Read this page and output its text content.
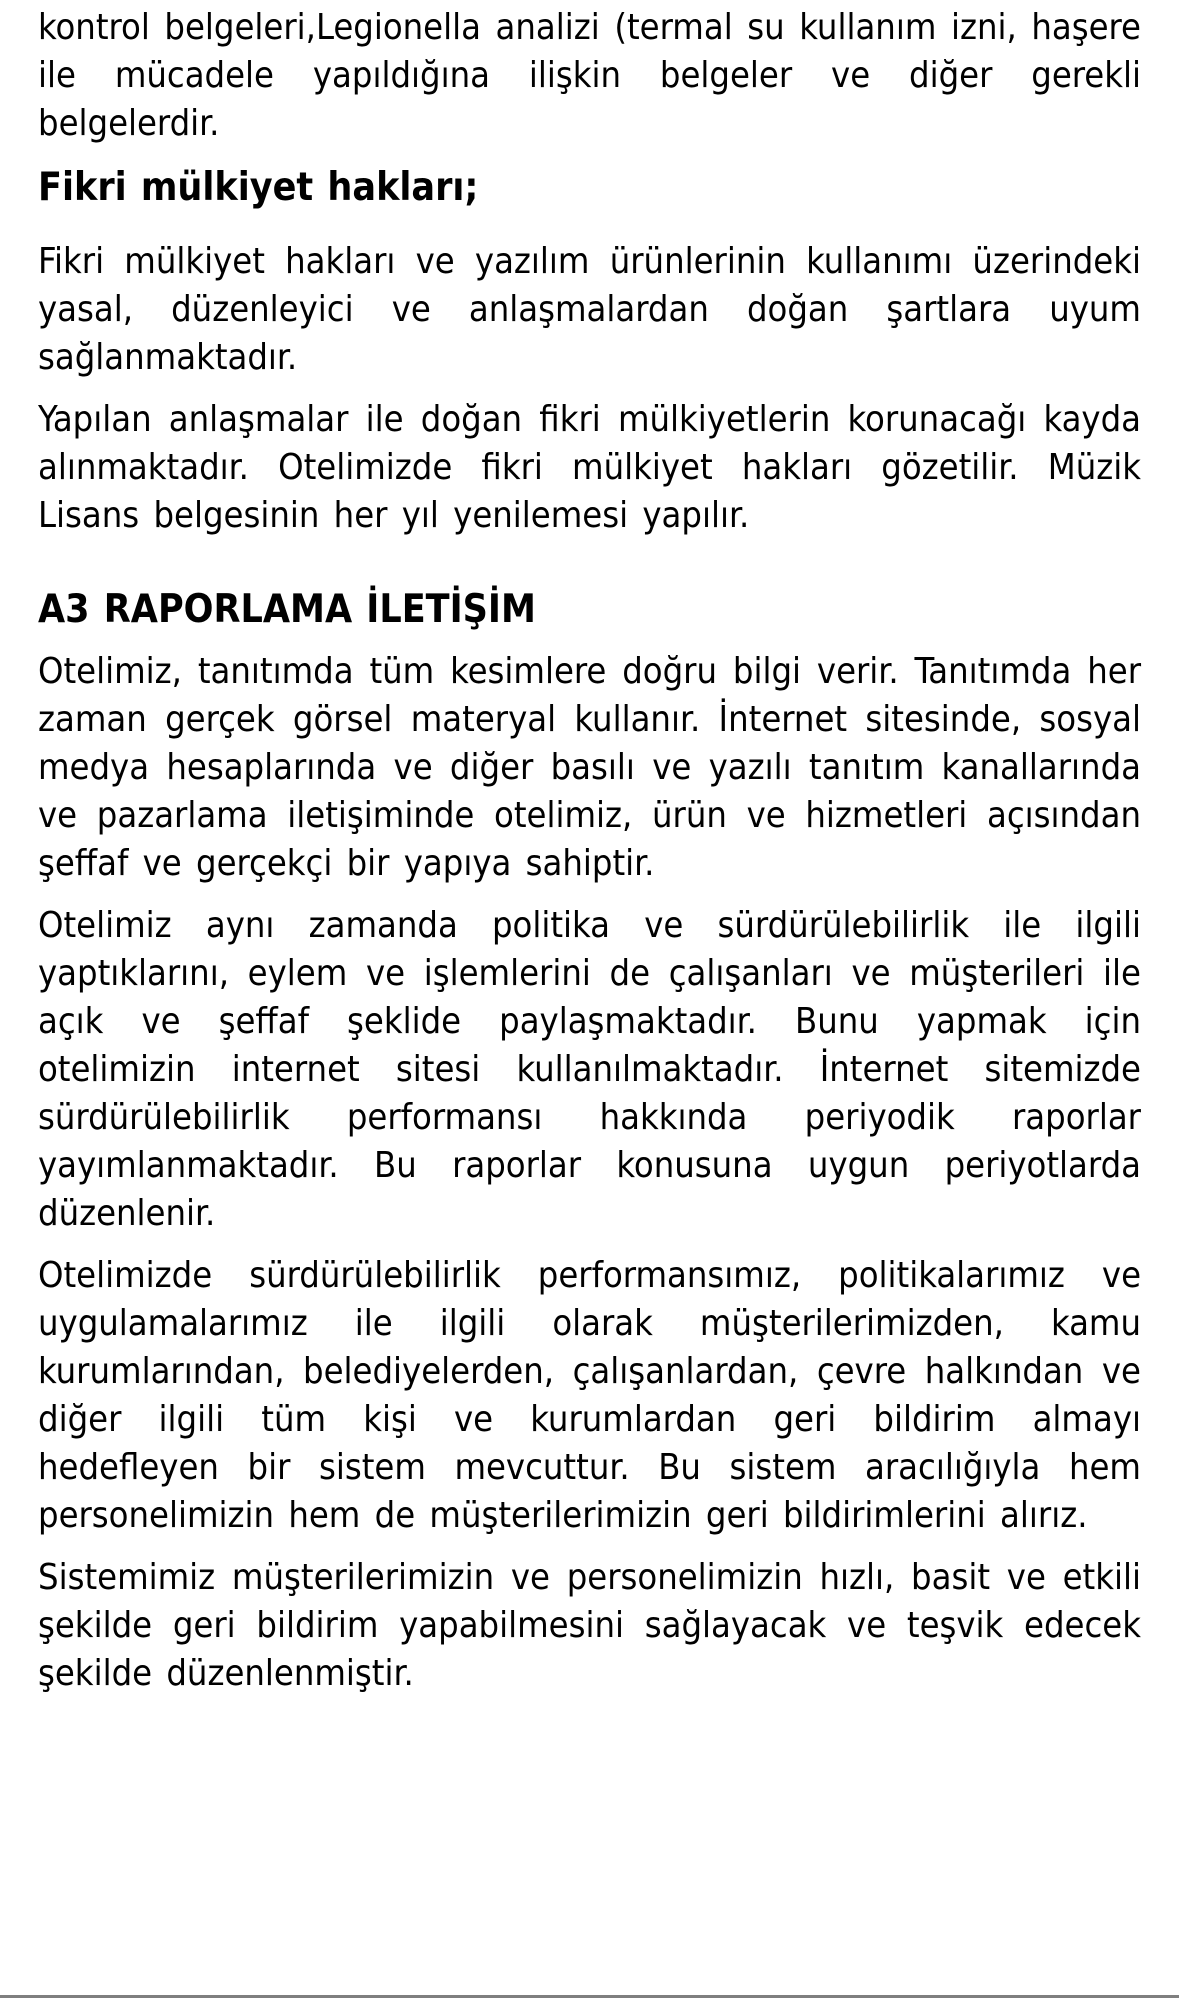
kontrol belgeleri,Legionella analizi (termal su kullanım izni, haşere ile mücadele yapıldığına ilişkin belgeler ve diğer gerekli belgelerdir.

Fikri mülkiyet hakları;

Fikri mülkiyet hakları ve yazılım ürünlerinin kullanımı üzerindeki yasal, düzenleyici ve anlaşmalardan doğan şartlara uyum sağlanmaktadır.

Yapılan anlaşmalar ile doğan fikri mülkiyetlerin korunacağı kayda alınmaktadır. Otelimizde fikri mülkiyet hakları gözetilir. Müzik Lisans belgesinin her yıl yenilemesi yapılır.

A3 RAPORLAMA İLETİŞİM

Otelimiz, tanıtımda tüm kesimlere doğru bilgi verir. Tanıtımda her zaman gerçek görsel materyal kullanır. İnternet sitesinde, sosyal medya hesaplarında ve diğer basılı ve yazılı tanıtım kanallarında ve pazarlama iletişiminde otelimiz, ürün ve hizmetleri açısından şeffaf ve gerçekçi bir yapıya sahiptir.

Otelimiz aynı zamanda politika ve sürdürülebilirlik ile ilgili yaptıklarını, eylem ve işlemlerini de çalışanları ve müşterileri ile açık ve şeffaf şeklide paylaşmaktadır. Bunu yapmak için otelimizin internet sitesi kullanılmaktadır. İnternet sitemizde sürdürülebilirlik performansı hakkında periyodik raporlar yayımlanmaktadır. Bu raporlar konusuna uygun periyotlarda düzenlenir.

Otelimizde sürdürülebilirlik performansımız, politikalarımız ve uygulamalarımız ile ilgili olarak müşterilerimizden, kamu kurumlarından, belediyelerden, çalışanlardan, çevre halkından ve diğer ilgili tüm kişi ve kurumlardan geri bildirim almayı hedefleyen bir sistem mevcuttur. Bu sistem aracılığıyla hem personelimizin hem de müşterilerimizin geri bildirimlerini alırız.

Sistemimiz müşterilerimizin ve personelimizin hızlı, basit ve etkili şekilde geri bildirim yapabilmesini sağlayacak ve teşvik edecek şekilde düzenlenmiştir.
